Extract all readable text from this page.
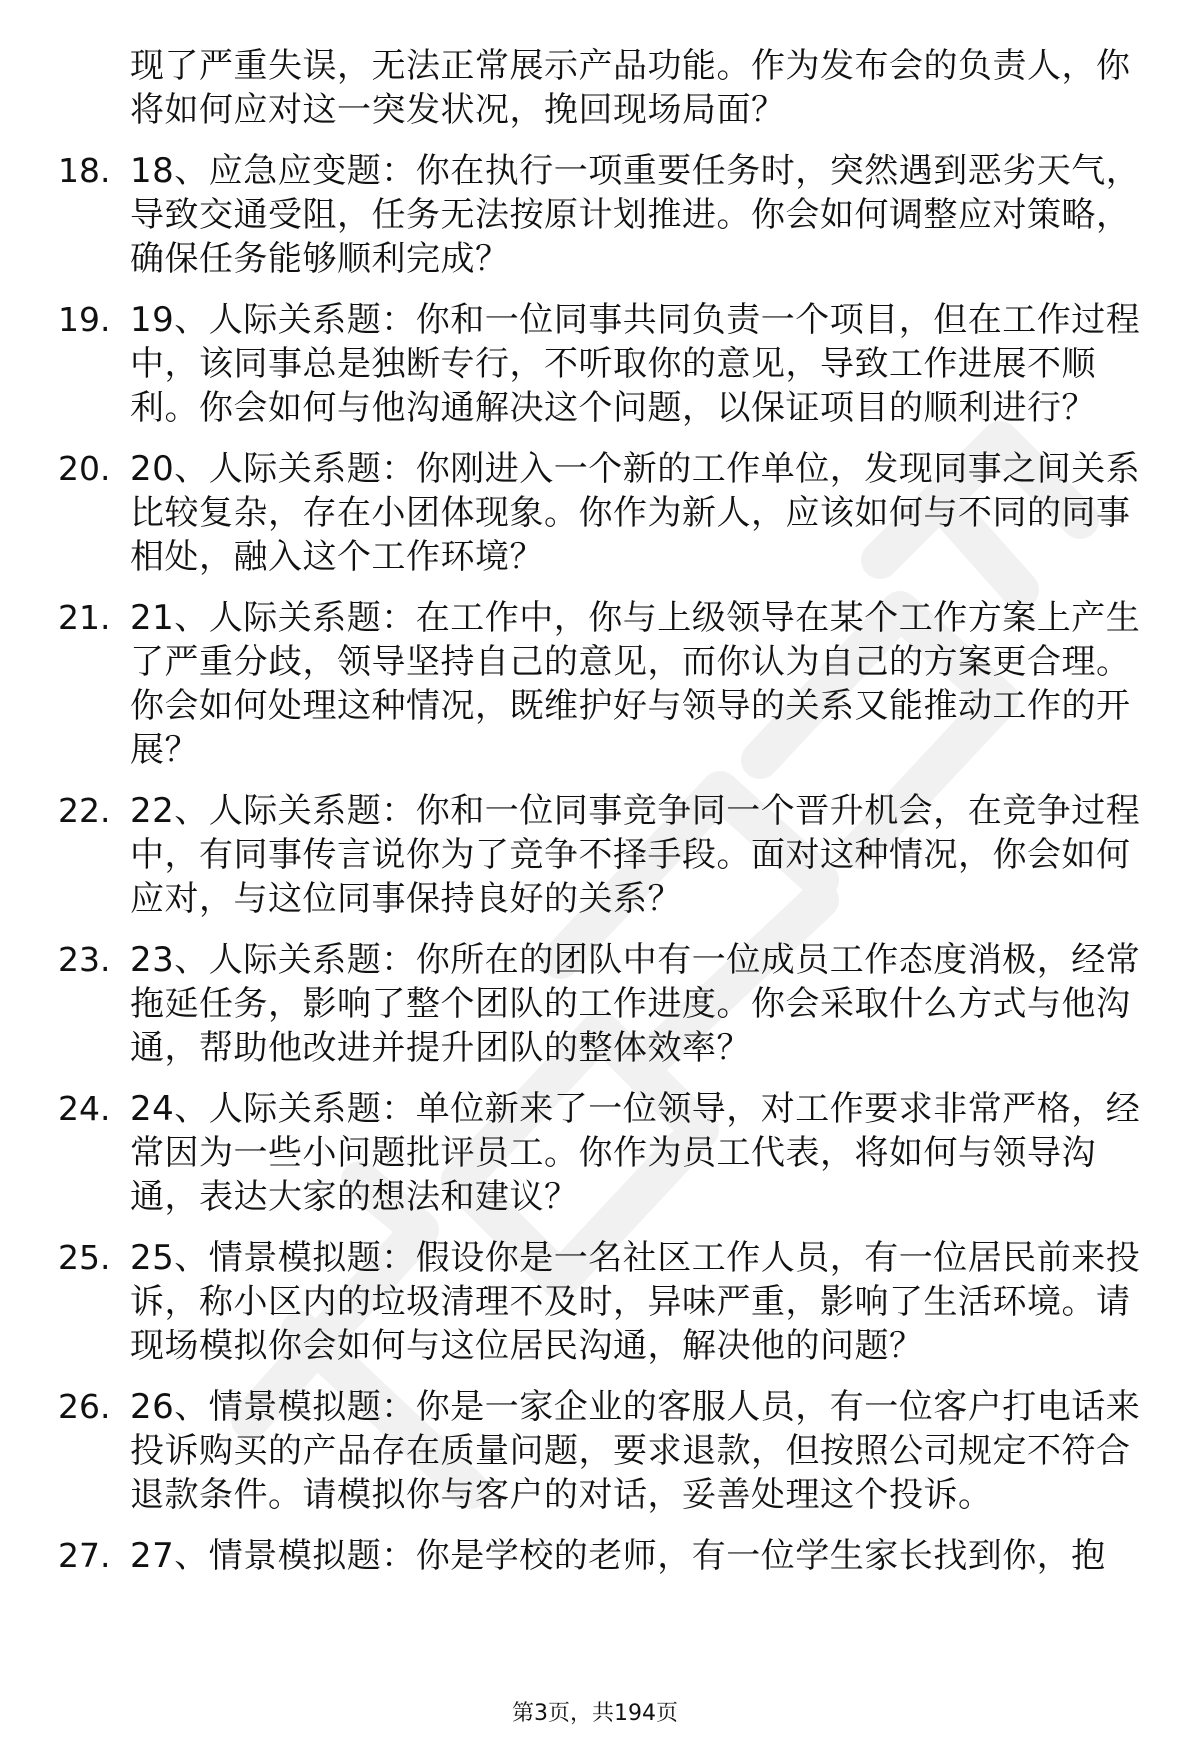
现了严重失误，无法正常展示产品功能。作为发布会的负责人，你将如何应对这一突发状况，挽回现场局面？
18. 18、应急应变题：你在执行一项重要任务时，突然遇到恶劣天气，导致交通受阻，任务无法按原计划推进。你会如何调整应对策略，确保任务能够顺利完成？
19. 19、人际关系题：你和一位同事共同负责一个项目，但在工作过程中，该同事总是独断专行，不听取你的意见，导致工作进展不顺利。你会如何与他沟通解决这个问题，以保证项目的顺利进行？
20. 20、人际关系题：你刚进入一个新的工作单位，发现同事之间关系比较复杂，存在小团体现象。你作为新人，应该如何与不同的同事相处，融入这个工作环境？
21. 21、人际关系题：在工作中，你与上级领导在某个工作方案上产生了严重分歧，领导坚持自己的意见，而你认为自己的方案更合理。你会如何处理这种情况，既维护好与领导的关系又能推动工作的开展？
22. 22、人际关系题：你和一位同事竞争同一个晋升机会，在竞争过程中，有同事传言说你为了竞争不择手段。面对这种情况，你会如何应对，与这位同事保持良好的关系？
23. 23、人际关系题：你所在的团队中有一位成员工作态度消极，经常拖延任务，影响了整个团队的工作进度。你会采取什么方式与他沟通，帮助他改进并提升团队的整体效率？
24. 24、人际关系题：单位新来了一位领导，对工作要求非常严格，经常因为一些小问题批评员工。你作为员工代表，将如何与领导沟通，表达大家的想法和建议？
25. 25、情景模拟题：假设你是一名社区工作人员，有一位居民前来投诉，称小区内的垃圾清理不及时，异味严重，影响了生活环境。请现场模拟你会如何与这位居民沟通，解决他的问题？
26. 26、情景模拟题：你是一家企业的客服人员，有一位客户打电话来投诉购买的产品存在质量问题，要求退款，但按照公司规定不符合退款条件。请模拟你与客户的对话，妥善处理这个投诉。
27. 27、情景模拟题：你是学校的老师，有一位学生家长找到你，抱
第3页，共194页
